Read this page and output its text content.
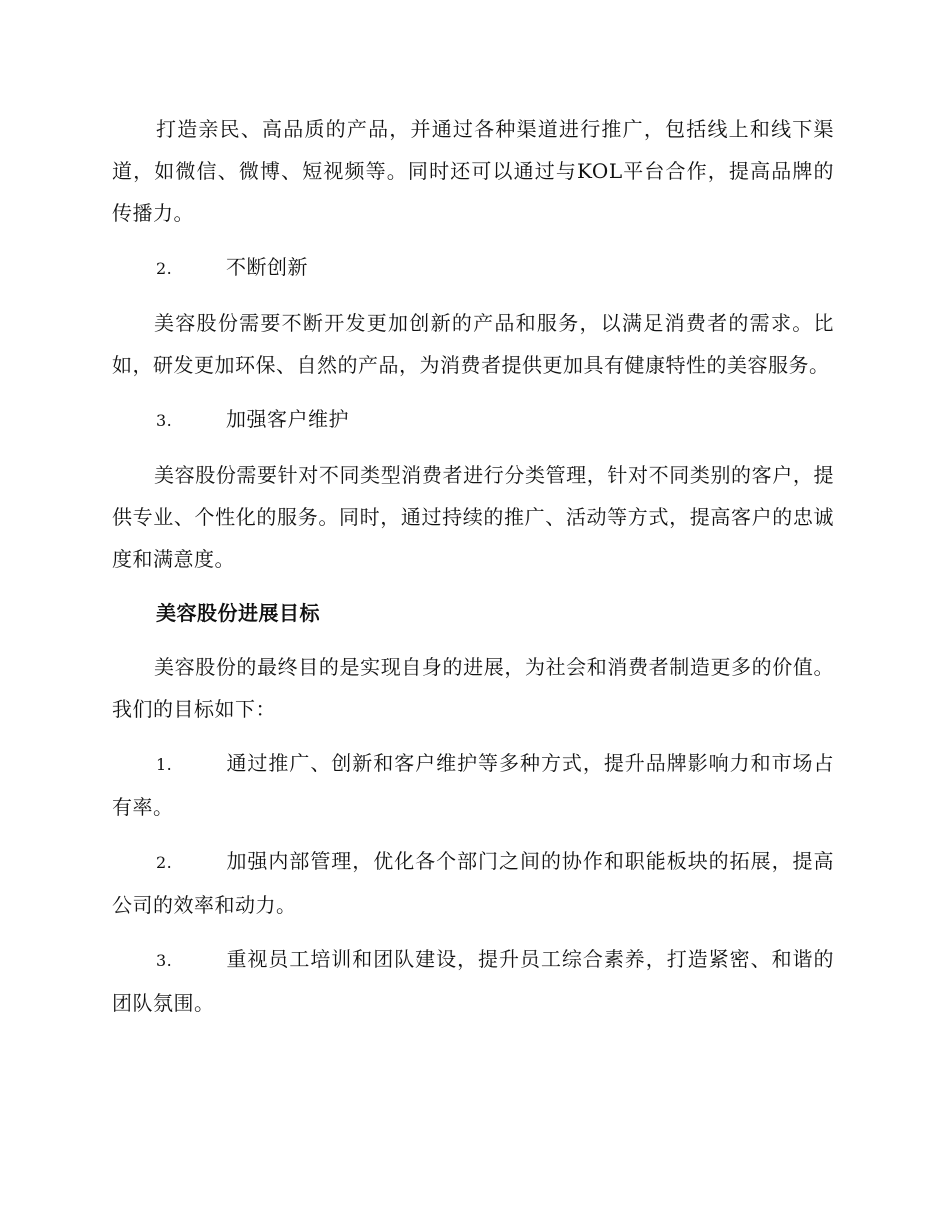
打造亲民、高品质的产品，并通过各种渠道进行推广，包括线上和线下渠道，如微信、微博、短视频等。同时还可以通过与KOL平台合作，提高品牌的传播力。

2.	不断创新

美容股份需要不断开发更加创新的产品和服务，以满足消费者的需求。比如，研发更加环保、自然的产品，为消费者提供更加具有健康特性的美容服务。

3.	加强客户维护

美容股份需要针对不同类型消费者进行分类管理，针对不同类别的客户，提供专业、个性化的服务。同时，通过持续的推广、活动等方式，提高客户的忠诚度和满意度。

美容股份进展目标

美容股份的最终目的是实现自身的进展，为社会和消费者制造更多的价值。我们的目标如下：

1.	通过推广、创新和客户维护等多种方式，提升品牌影响力和市场占有率。

2.	加强内部管理，优化各个部门之间的协作和职能板块的拓展，提高公司的效率和动力。

3.	重视员工培训和团队建设，提升员工综合素养，打造紧密、和谐的团队氛围。
